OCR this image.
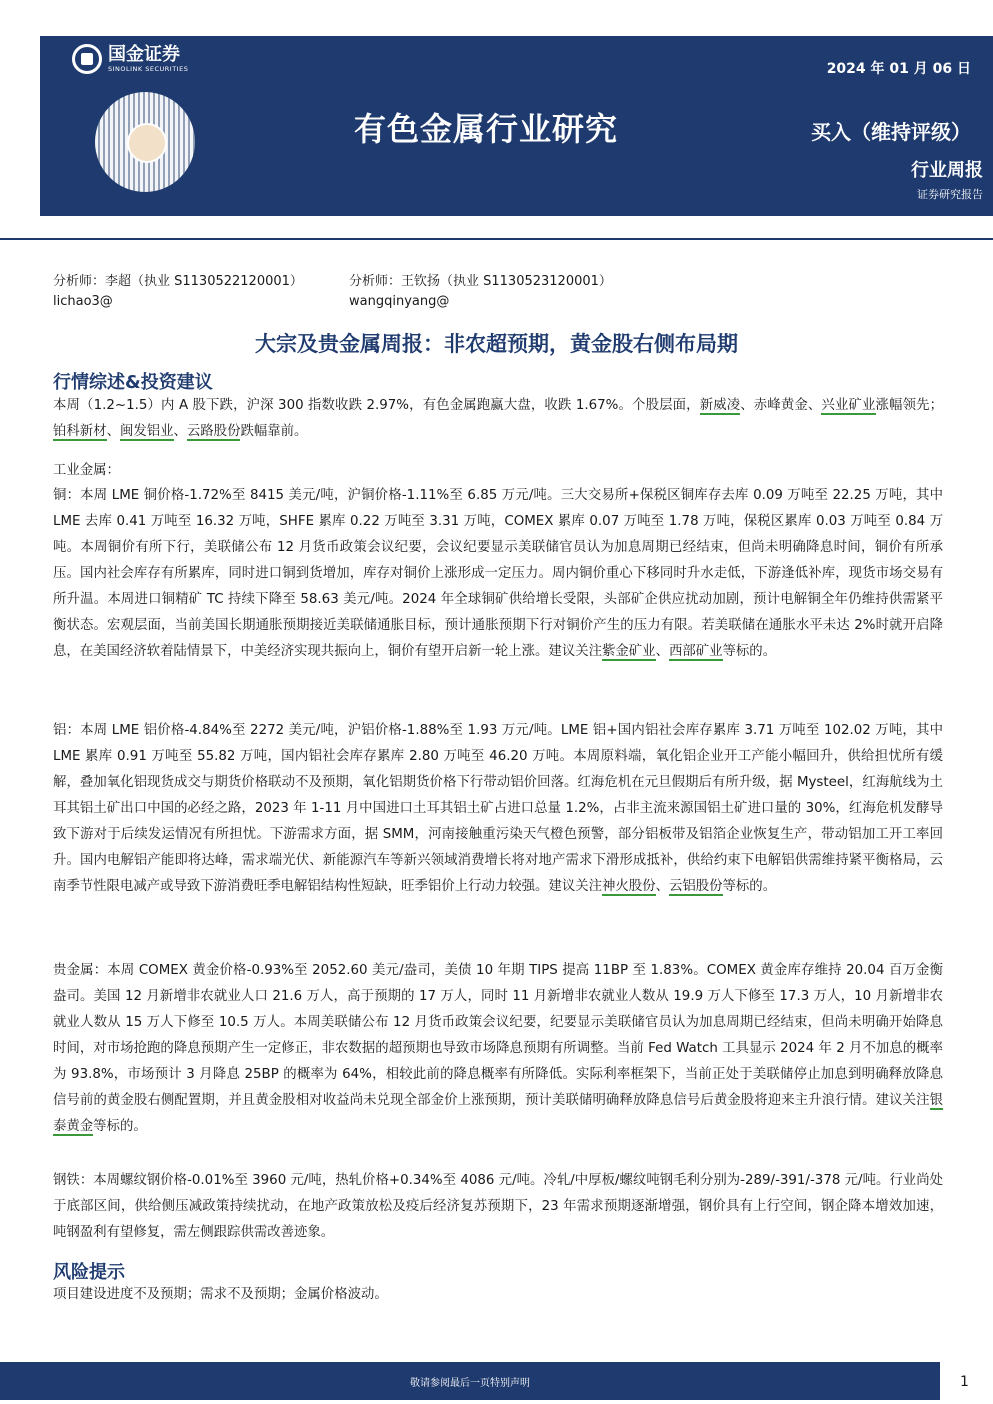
国金证券
SINOLINK SECURITIES	2024 年 01 月 06 日
有色金属行业研究	买入（维持评级）
行业周报
证券研究报告
分析师：李超（执业 S1130522120001）
lichao3@
分析师：王钦扬（执业 S1130523120001）
wangqinyang@
大宗及贵金属周报：非农超预期，黄金股右侧布局期
行情综述&投资建议

本周（1.2~1.5）内 A 股下跌，沪深 300 指数收跌 2.97%，有色金属跑赢大盘，收跌 1.67%。个股层面，新威凌、赤峰黄金、兴业矿业涨幅领先；铂科新材、闽发铝业、云路股份跌幅靠前。

工业金属：

铜：本周 LME 铜价格-1.72%至 8415 美元/吨，沪铜价格-1.11%至 6.85 万元/吨。三大交易所+保税区铜库存去库 0.09 万吨至 22.25 万吨，其中 LME 去库 0.41 万吨至 16.32 万吨，SHFE 累库 0.22 万吨至 3.31 万吨，COMEX 累库 0.07 万吨至 1.78 万吨，保税区累库 0.03 万吨至 0.84 万吨。本周铜价有所下行，美联储公布 12 月货币政策会议纪要，会议纪要显示美联储官员认为加息周期已经结束，但尚未明确降息时间，铜价有所承压。国内社会库存有所累库，同时进口铜到货增加，库存对铜价上涨形成一定压力。周内铜价重心下移同时升水走低，下游逢低补库，现货市场交易有所升温。本周进口铜精矿 TC 持续下降至 58.63 美元/吨。2024 年全球铜矿供给增长受限，头部矿企供应扰动加剧，预计电解铜全年仍维持供需紧平衡状态。宏观层面，当前美国长期通胀预期接近美联储通胀目标，预计通胀预期下行对铜价产生的压力有限。若美联储在通胀水平未达 2%时就开启降息，在美国经济软着陆情景下，中美经济实现共振向上，铜价有望开启新一轮上涨。建议关注紫金矿业、西部矿业等标的。

铝：本周 LME 铝价格-4.84%至 2272 美元/吨，沪铝价格-1.88%至 1.93 万元/吨。LME 铝+国内铝社会库存累库 3.71 万吨至 102.02 万吨，其中 LME 累库 0.91 万吨至 55.82 万吨，国内铝社会库存累库 2.80 万吨至 46.20 万吨。本周原料端，氧化铝企业开工产能小幅回升，供给担忧所有缓解，叠加氧化铝现货成交与期货价格联动不及预期，氧化铝期货价格下行带动铝价回落。红海危机在元旦假期后有所升级，据 Mysteel，红海航线为土耳其铝土矿出口中国的必经之路，2023 年 1-11 月中国进口土耳其铝土矿占进口总量 1.2%，占非主流来源国铝土矿进口量的 30%，红海危机发酵导致下游对于后续发运情况有所担忧。下游需求方面，据 SMM，河南接触重污染天气橙色预警，部分铝板带及铝箔企业恢复生产，带动铝加工开工率回升。国内电解铝产能即将达峰，需求端光伏、新能源汽车等新兴领域消费增长将对地产需求下滑形成抵补，供给约束下电解铝供需维持紧平衡格局，云南季节性限电减产或导致下游消费旺季电解铝结构性短缺，旺季铝价上行动力较强。建议关注神火股份、云铝股份等标的。

贵金属：本周 COMEX 黄金价格-0.93%至 2052.60 美元/盎司，美债 10 年期 TIPS 提高 11BP 至 1.83%。COMEX 黄金库存维持 20.04 百万金衡盎司。美国 12 月新增非农就业人口 21.6 万人，高于预期的 17 万人，同时 11 月新增非农就业人数从 19.9 万人下修至 17.3 万人，10 月新增非农就业人数从 15 万人下修至 10.5 万人。本周美联储公布 12 月货币政策会议纪要，纪要显示美联储官员认为加息周期已经结束，但尚未明确开始降息时间，对市场抢跑的降息预期产生一定修正，非农数据的超预期也导致市场降息预期有所调整。当前 Fed Watch 工具显示 2024 年 2 月不加息的概率为 93.8%，市场预计 3 月降息 25BP 的概率为 64%，相较此前的降息概率有所降低。实际利率框架下，当前正处于美联储停止加息到明确释放降息信号前的黄金股右侧配置期，并且黄金股相对收益尚未兑现全部金价上涨预期，预计美联储明确释放降息信号后黄金股将迎来主升浪行情。建议关注银泰黄金等标的。

钢铁：本周螺纹钢价格-0.01%至 3960 元/吨，热轧价格+0.34%至 4086 元/吨。冷轧/中厚板/螺纹吨钢毛利分别为-289/-391/-378 元/吨。行业尚处于底部区间，供给侧压减政策持续扰动，在地产政策放松及疫后经济复苏预期下，23 年需求预期逐渐增强，钢价具有上行空间，钢企降本增效加速，吨钢盈利有望修复，需左侧跟踪供需改善迹象。

风险提示

项目建设进度不及预期；需求不及预期；金属价格波动。

敬请参阅最后一页特别声明	1
